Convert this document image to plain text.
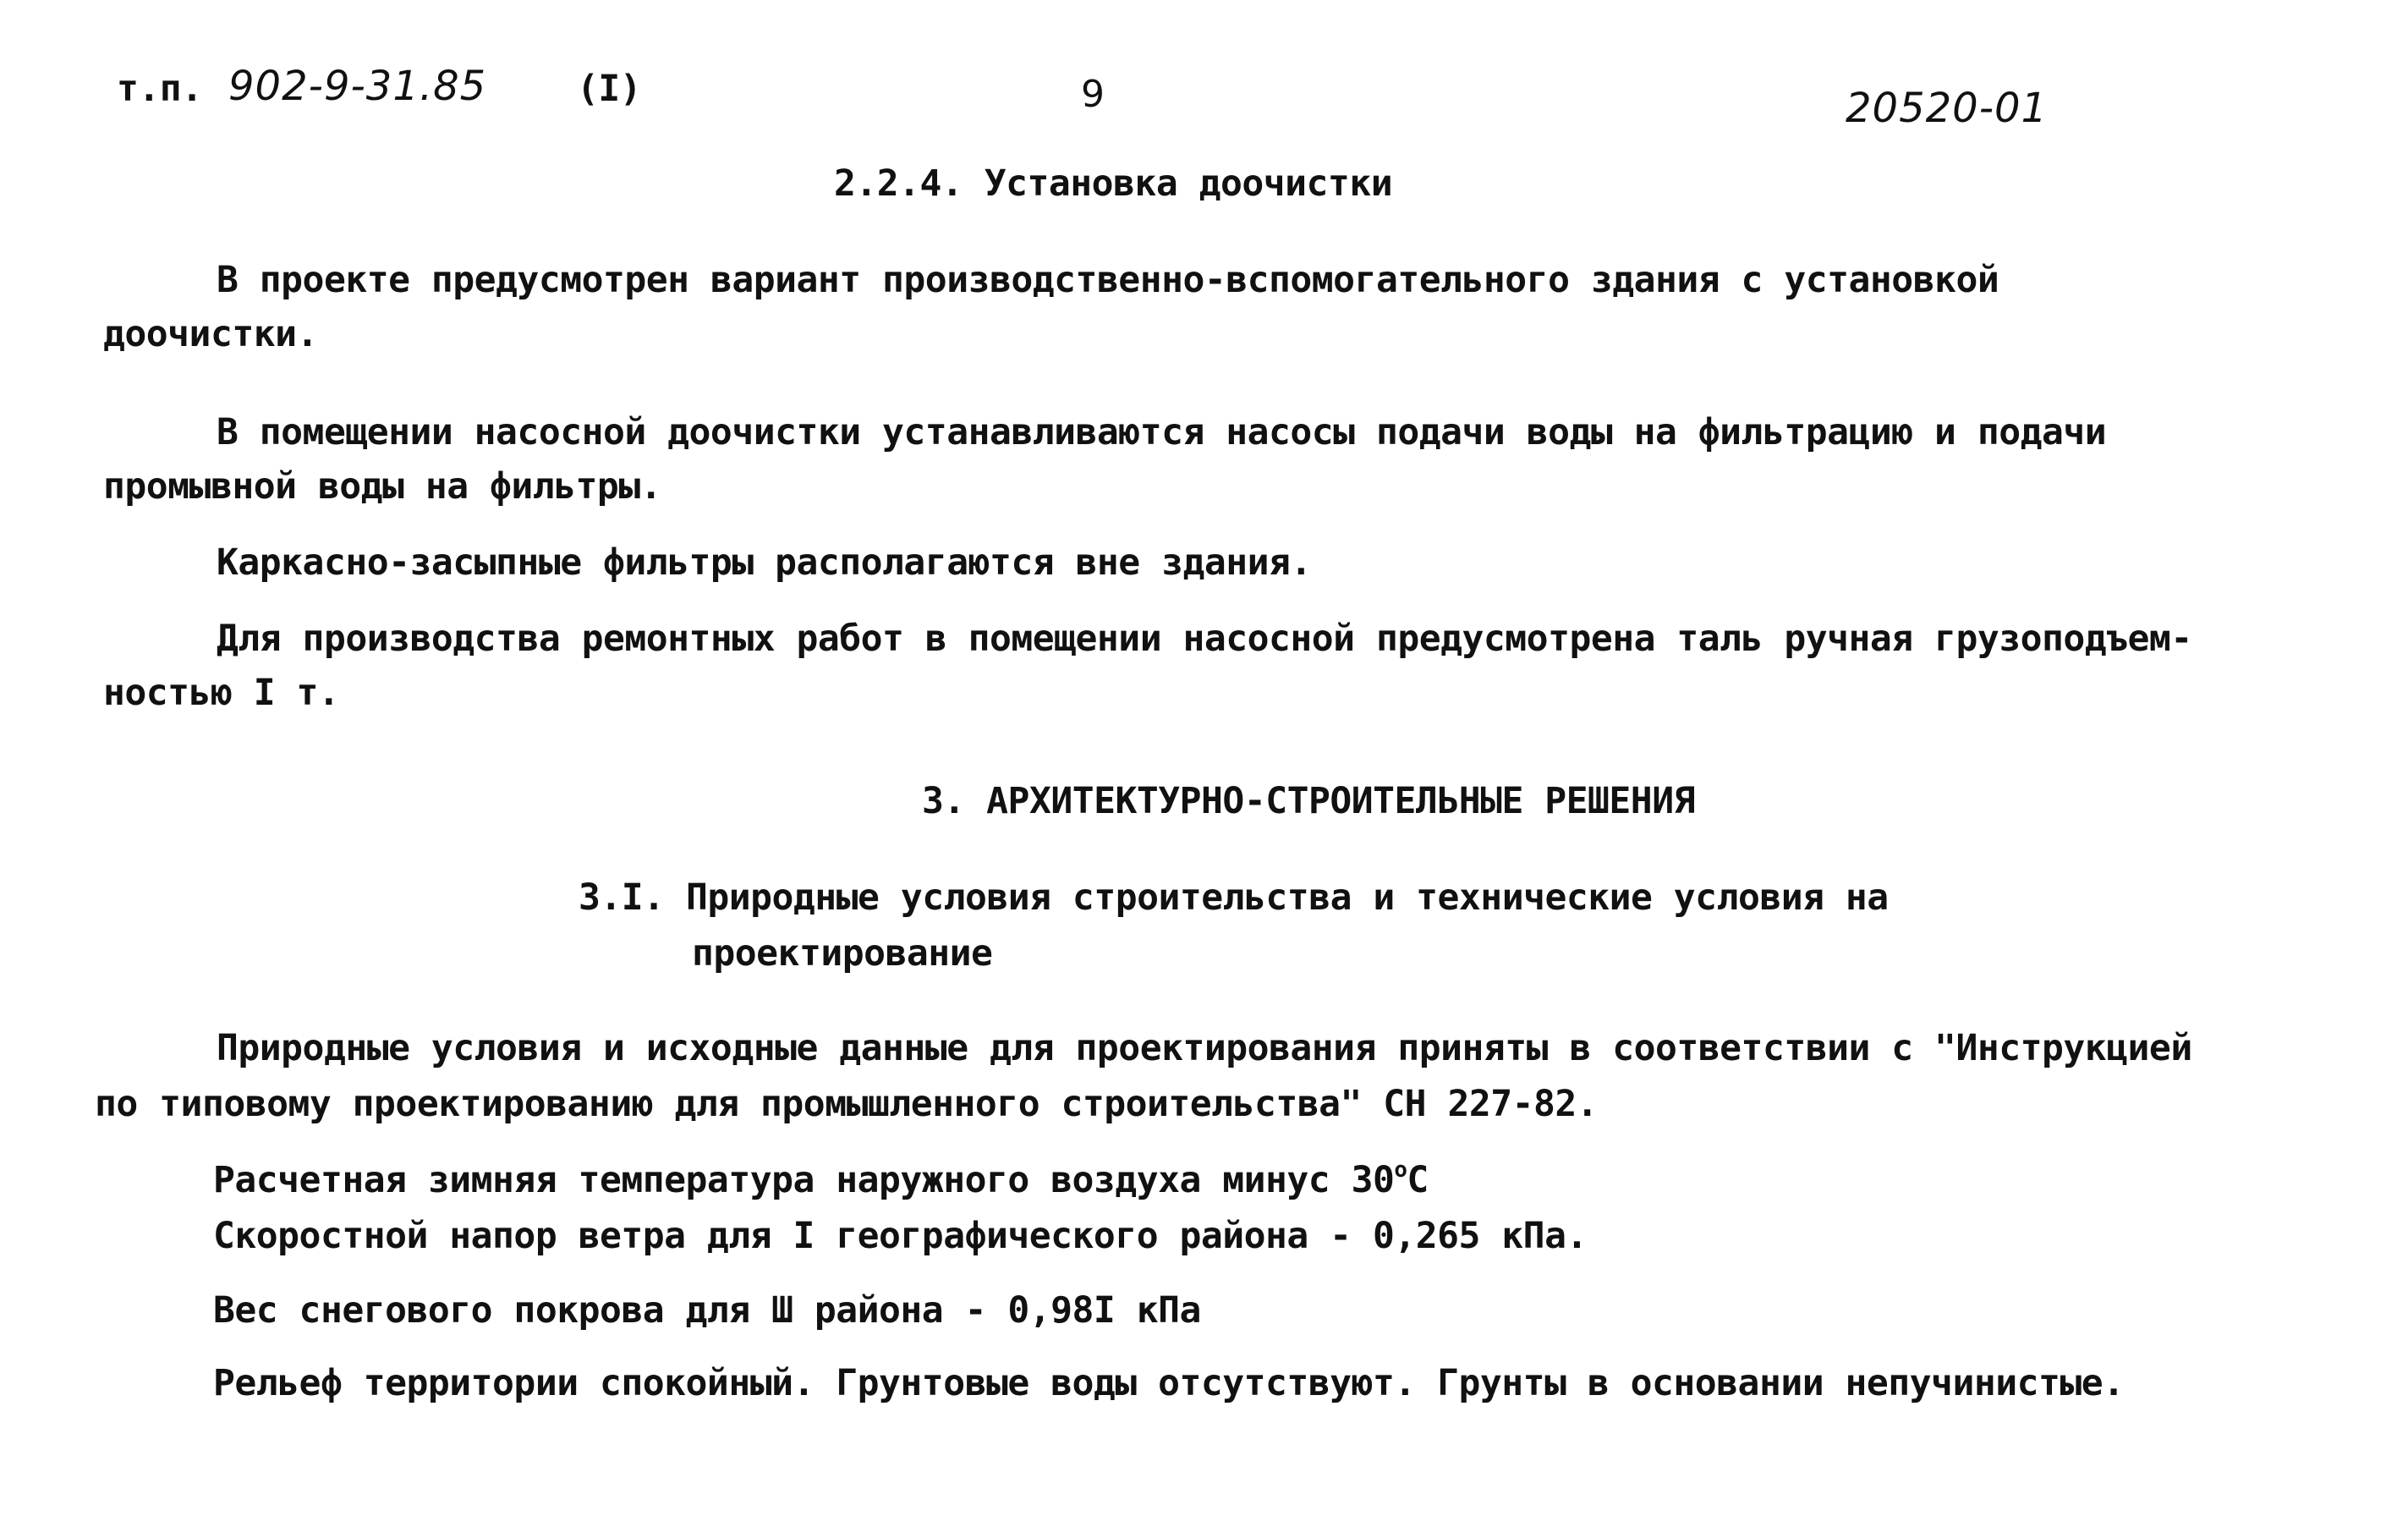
т.п. 902-9-31.85 (I)	9	20520-01
2.2.4. Установка доочистки
В проекте предусмотрен вариант производственно-вспомогательного здания с установкой
доочистки.
В помещении насосной доочистки устанавливаются насосы подачи воды на фильтрацию и подачи
промывной воды на фильтры.
Каркасно-засыпные фильтры располагаются вне здания.
Для производства ремонтных работ в помещении насосной предусмотрена таль ручная грузоподъем-
ностью I т.
3. АРХИТЕКТУРНО-СТРОИТЕЛЬНЫЕ РЕШЕНИЯ
3.I. Природные условия строительства и технические условия на
проектирование
Природные условия и исходные данные для проектирования приняты в соответствии с "Инструкцией
по типовому проектированию для промышленного строительства" СН 227-82.
Расчетная зимняя температура наружного воздуха минус $30^оС$
Скоростной напор ветра для I географического района - 0,265 кПа.
Вес снегового покрова для Ш района - 0,98I кПа
Рельеф территории спокойный. Грунтовые воды отсутствуют. Грунты в основании непучинистые.
